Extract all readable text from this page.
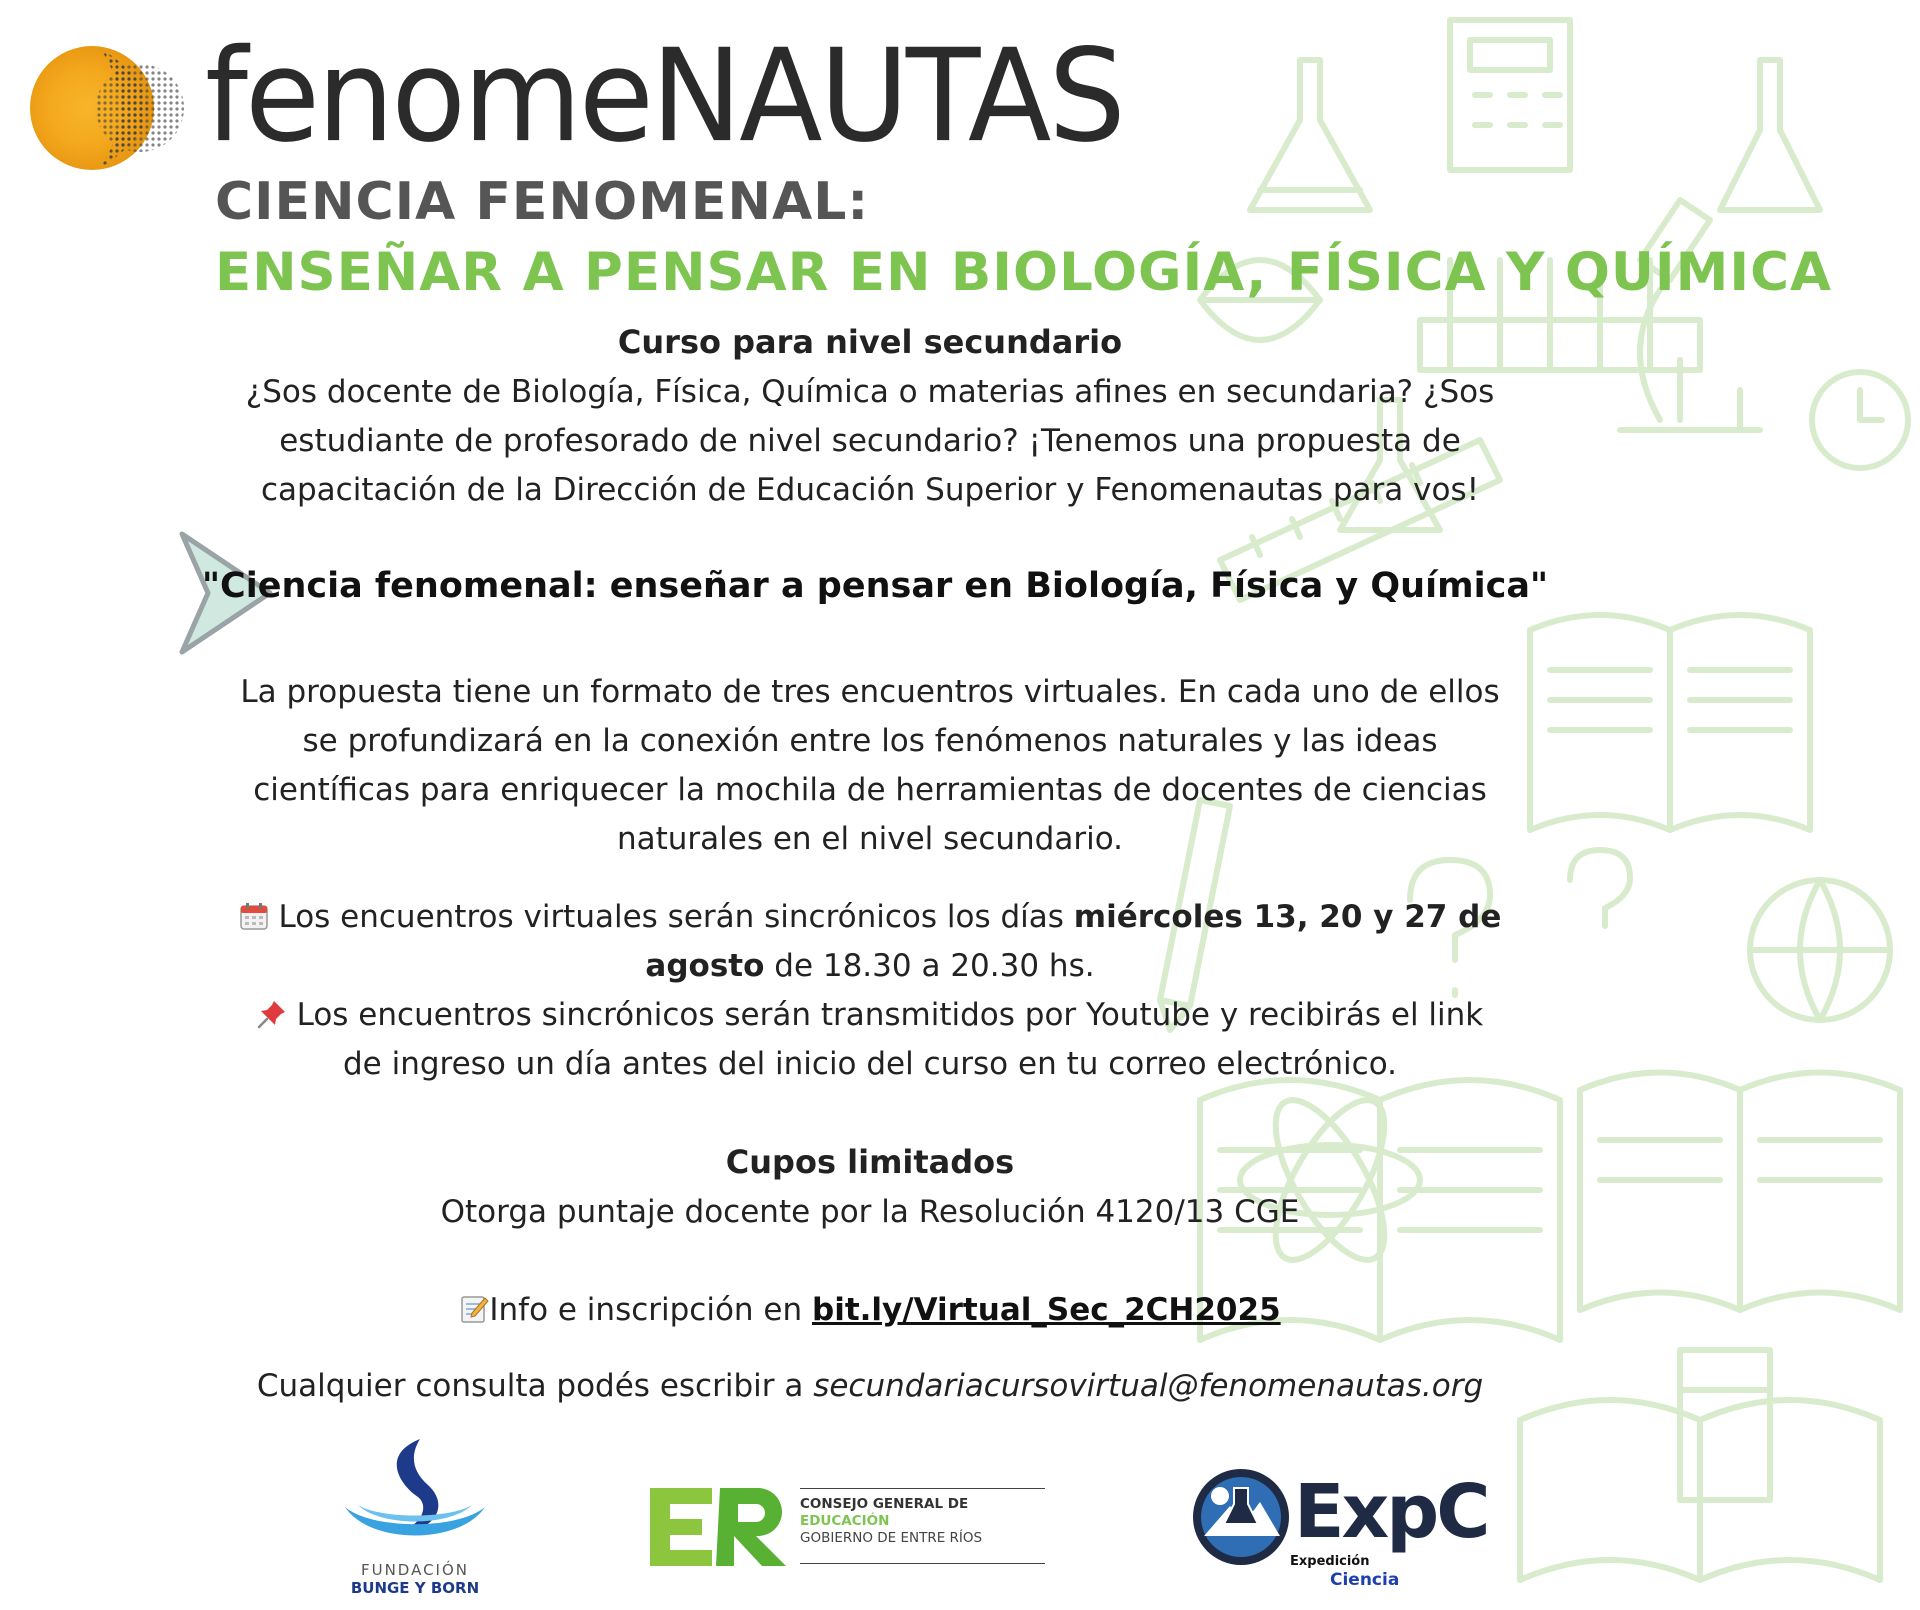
fenomeNAUTAS
CIENCIA FENOMENAL:
ENSEÑAR A PENSAR EN BIOLOGÍA, FÍSICA Y QUÍMICA
Curso para nivel secundario
¿Sos docente de Biología, Física, Química o materias afines en secundaria? ¿Sos
estudiante de profesorado de nivel secundario? ¡Tenemos una propuesta de
capacitación de la Dirección de Educación Superior y Fenomenautas para vos!
"Ciencia fenomenal: enseñar a pensar en Biología, Física y Química"
La propuesta tiene un formato de tres encuentros virtuales. En cada uno de ellos
se profundizará en la conexión entre los fenómenos naturales y las ideas
científicas para enriquecer la mochila de herramientas de docentes de ciencias
naturales en el nivel secundario.
Los encuentros virtuales serán sincrónicos los días miércoles 13, 20 y 27 de
agosto de 18.30 a 20.30 hs.
Los encuentros sincrónicos serán transmitidos por Youtube y recibirás el link
de ingreso un día antes del inicio del curso en tu correo electrónico.
Cupos limitados
Otorga puntaje docente por la Resolución 4120/13 CGE
Info e inscripción en bit.ly/Virtual_Sec_2CH2025
Cualquier consulta podés escribir a secundariacursovirtual@fenomenautas.org
FUNDACIÓN
BUNGE Y BORN
CONSEJO GENERAL DE
EDUCACIÓN
GOBIERNO DE ENTRE RÍOS	ExpC
Expedición
Ciencia
